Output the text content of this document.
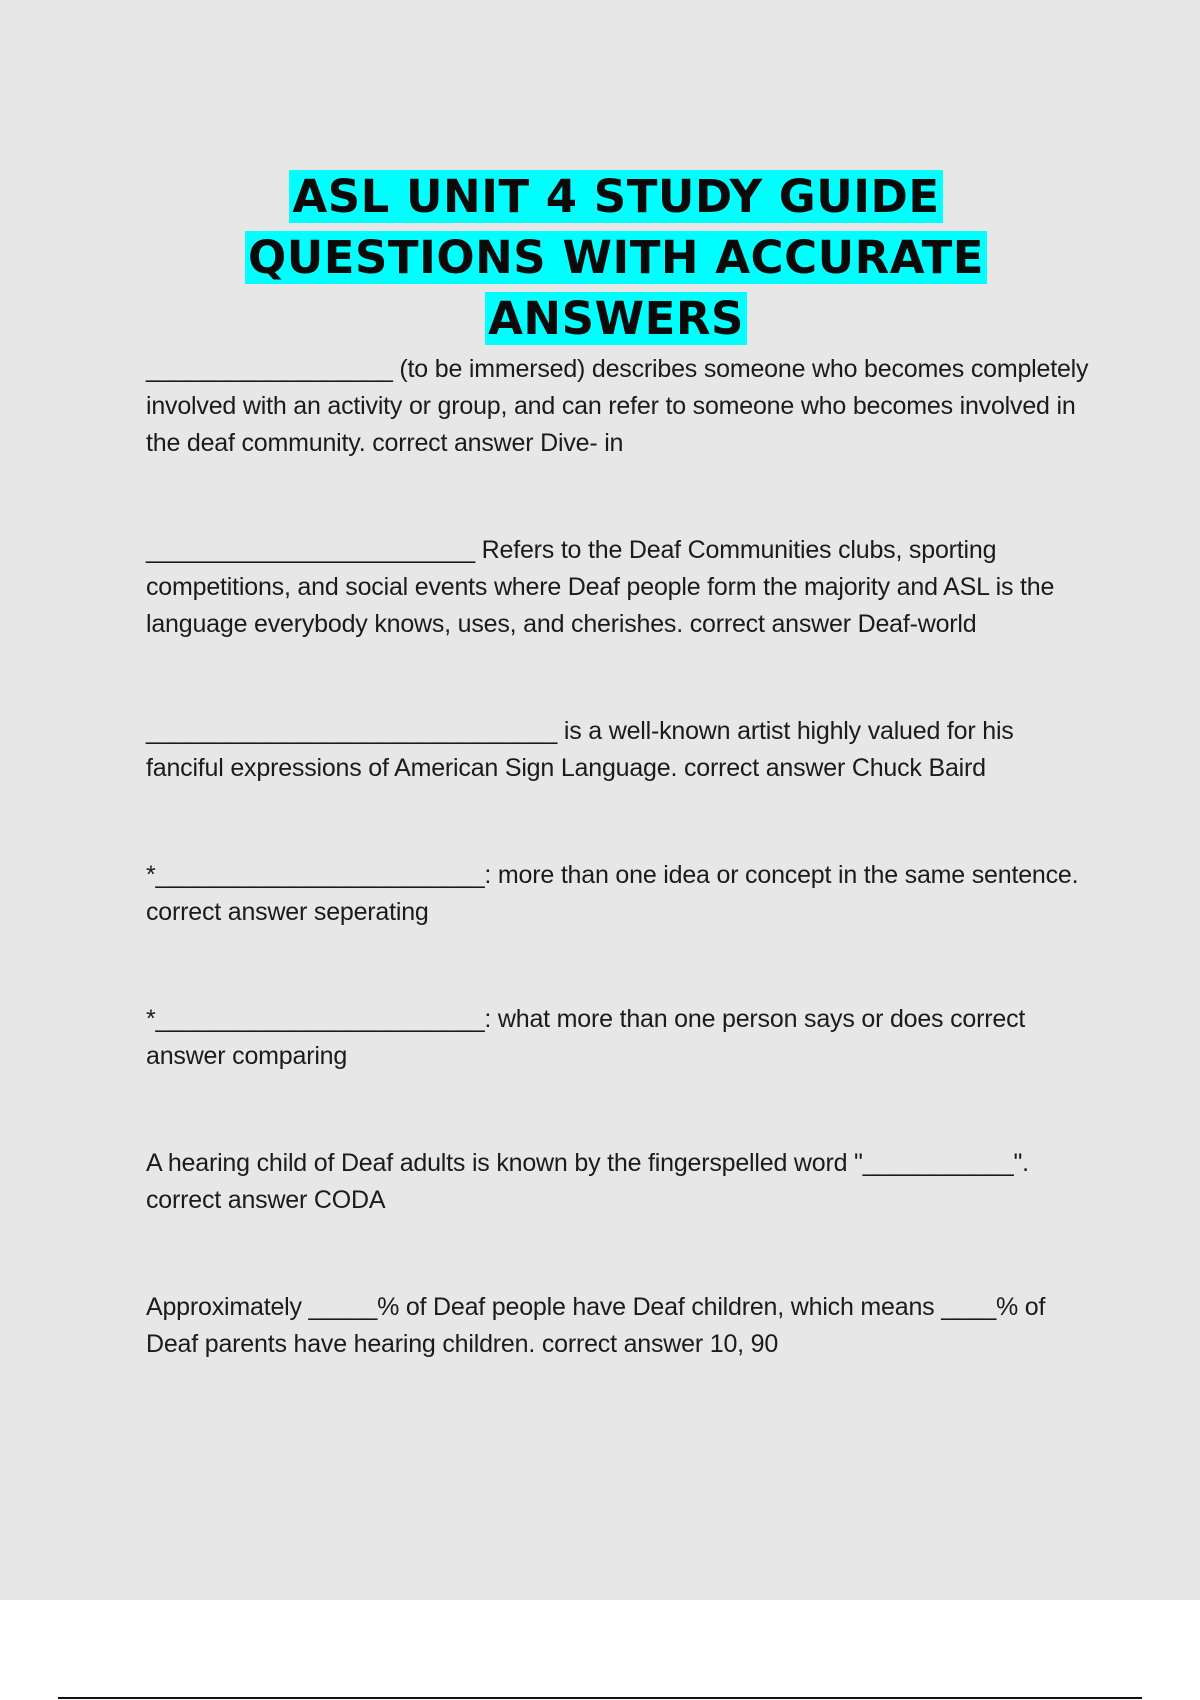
ASL UNIT 4 STUDY GUIDE
QUESTIONS WITH ACCURATE
ANSWERS

__________________ (to be immersed) describes someone who becomes completely involved with an activity or group, and can refer to someone who becomes involved in the deaf community. correct answer Dive- in

________________________ Refers to the Deaf Communities clubs, sporting competitions, and social events where Deaf people form the majority and ASL is the language everybody knows, uses, and cherishes. correct answer Deaf-world

______________________________ is a well-known artist highly valued for his fanciful expressions of American Sign Language. correct answer Chuck Baird

*________________________: more than one idea or concept in the same sentence. correct answer seperating

*________________________: what more than one person says or does correct answer comparing

A hearing child of Deaf adults is known by the fingerspelled word "___________". correct answer CODA

Approximately _____% of Deaf people have Deaf children, which means ____% of Deaf parents have hearing children. correct answer 10, 90
